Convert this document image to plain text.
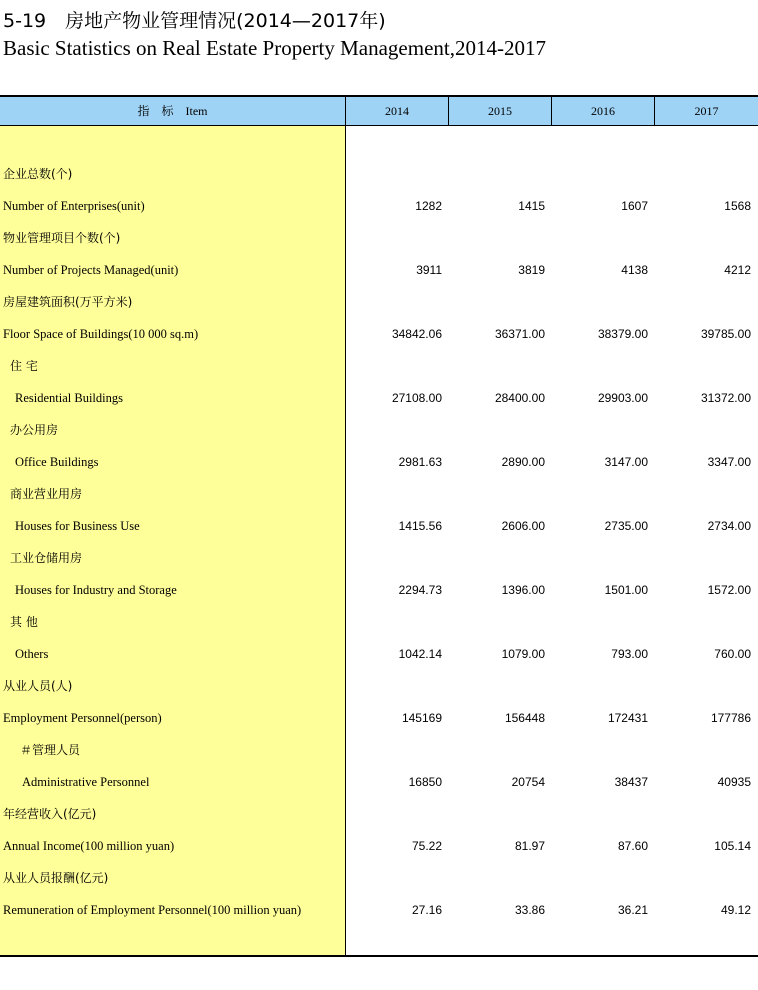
5-19　房地产物业管理情况(2014—2017年)
Basic Statistics on Real Estate Property Management,2014-2017
指　标　Item	2014	2015	2016	2017
企业总数(个)
Number of Enterprises(unit)	1282	1415	1607	1568
物业管理项目个数(个)
Number of Projects Managed(unit)	3911	3819	4138	4212
房屋建筑面积(万平方米)
Floor Space of Buildings(10 000 sq.m)	34842.06	36371.00	38379.00	39785.00
住 宅
Residential Buildings	27108.00	28400.00	29903.00	31372.00
办公用房
Office Buildings	2981.63	2890.00	3147.00	3347.00
商业营业用房
Houses for Business Use	1415.56	2606.00	2735.00	2734.00
工业仓储用房
Houses for Industry and Storage	2294.73	1396.00	1501.00	1572.00
其 他
Others	1042.14	1079.00	793.00	760.00
从业人员(人)
Employment Personnel(person)	145169	156448	172431	177786
＃管理人员
Administrative Personnel	16850	20754	38437	40935
年经营收入(亿元)
Annual Income(100 million yuan)	75.22	81.97	87.60	105.14
从业人员报酬(亿元)
Remuneration of Employment Personnel(100 million yuan)	27.16	33.86	36.21	49.12
